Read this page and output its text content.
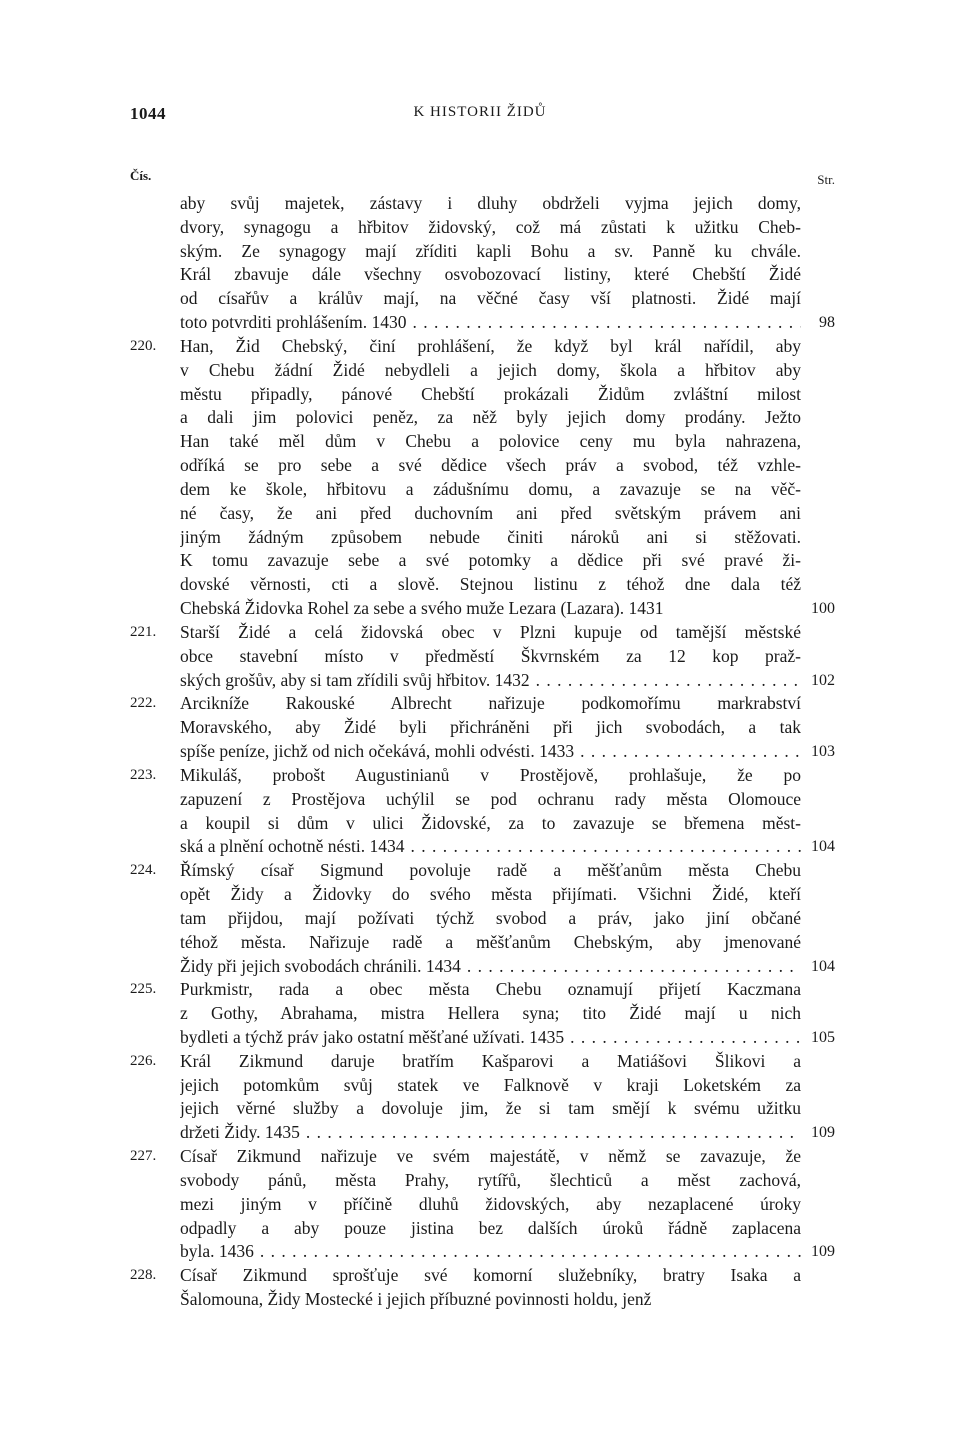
1044	K HISTORII ŽIDŮ
Čís.	Str.
aby svůj majetek, zástavy i dluhy obdrželi vyjma jejich domy,
dvory, synagogu a hřbitov židovský, což má zůstati k užitku Cheb-
ským. Ze synagogy mají zříditi kapli Bohu a sv. Panně ku chvále.
Král zbavuje dále všechny osvobozovací listiny, které Chebští Židé
od císařův a králův mají, na věčné časy vší platnosti. Židé mají
toto potvrditi prohlášením. 1430 . . .	98
220.	Han, Žid Chebský, činí prohlášení, že když byl král nařídil, aby
v Chebu žádní Židé nebydleli a jejich domy, škola a hřbitov aby
městu připadly, pánové Chebští prokázali Židům zvláštní milost
a dali jim polovici peněz, za něž byly jejich domy prodány. Ježto
Han také měl dům v Chebu a polovice ceny mu byla nahrazena,
odříká se pro sebe a své dědice všech práv a svobod, též vzhle-
dem ke škole, hřbitovu a zádušnímu domu, a zavazuje se na věč-
né časy, že ani před duchovním ani před světským právem ani
jiným žádným způsobem nebude činiti nároků ani si stěžovati.
K tomu zavazuje sebe a své potomky a dědice při své pravé ži-
dovské věrnosti, cti a slově. Stejnou listinu z téhož dne dala též
Chebská Židovka Rohel za sebe a svého muže Lezara (Lazara). 1431	100
221.	Starší Židé a celá židovská obec v Plzni kupuje od tamější městské
obce stavební místo v předměstí Škvrnském za 12 kop praž-
ských grošův, aby si tam zřídili svůj hřbitov. 1432 . . .	102
222.	Arcikníže Rakouské Albrecht nařizuje podkomořímu markrabství
Moravského, aby Židé byli přichráněni při jich svobodách, a tak
spíše peníze, jichž od nich očekává, mohli odvésti. 1433 . . .	103
223.	Mikuláš, probošt Augustinianů v Prostějově, prohlašuje, že po
zapuzení z Prostějova uchýlil se pod ochranu rady města Olomouce
a koupil si dům v ulici Židovské, za to zavazuje se břemena měst-
ská a plnění ochotně nésti. 1434 . . .	104
224.	Římský císař Sigmund povoluje radě a měšťanům města Chebu
opět Židy a Židovky do svého města přijímati. Všichni Židé, kteří
tam přijdou, mají požívati týchž svobod a práv, jako jiní občané
téhož města. Nařizuje radě a měšťanům Chebským, aby jmenované
Židy při jejich svobodách chránili. 1434 . . .	104
225.	Purkmistr, rada a obec města Chebu oznamují přijetí Kaczmana
z Gothy, Abrahama, mistra Hellera syna; tito Židé mají u nich
bydleti a týchž práv jako ostatní měšťané užívati. 1435 . . .	105
226.	Král Zikmund daruje bratřím Kašparovi a Matiášovi Šlikovi a
jejich potomkům svůj statek ve Falknově v kraji Loketském za
jejich věrné služby a dovoluje jim, že si tam smějí k svému užitku
držeti Židy. 1435 . . .	109
227.	Císař Zikmund nařizuje ve svém majestátě, v němž se zavazuje, že
svobody pánů, města Prahy, rytířů, šlechticů a měst zachová,
mezi jiným v příčině dluhů židovských, aby nezaplacené úroky
odpadly a aby pouze jistina bez dalších úroků řádně zaplacena
byla. 1436 . . .	109
228.	Císař Zikmund sprošťuje své komorní služebníky, bratry Isaka a
Šalomouna, Židy Mostecké i jejich příbuzné povinnosti holdu, jenž
